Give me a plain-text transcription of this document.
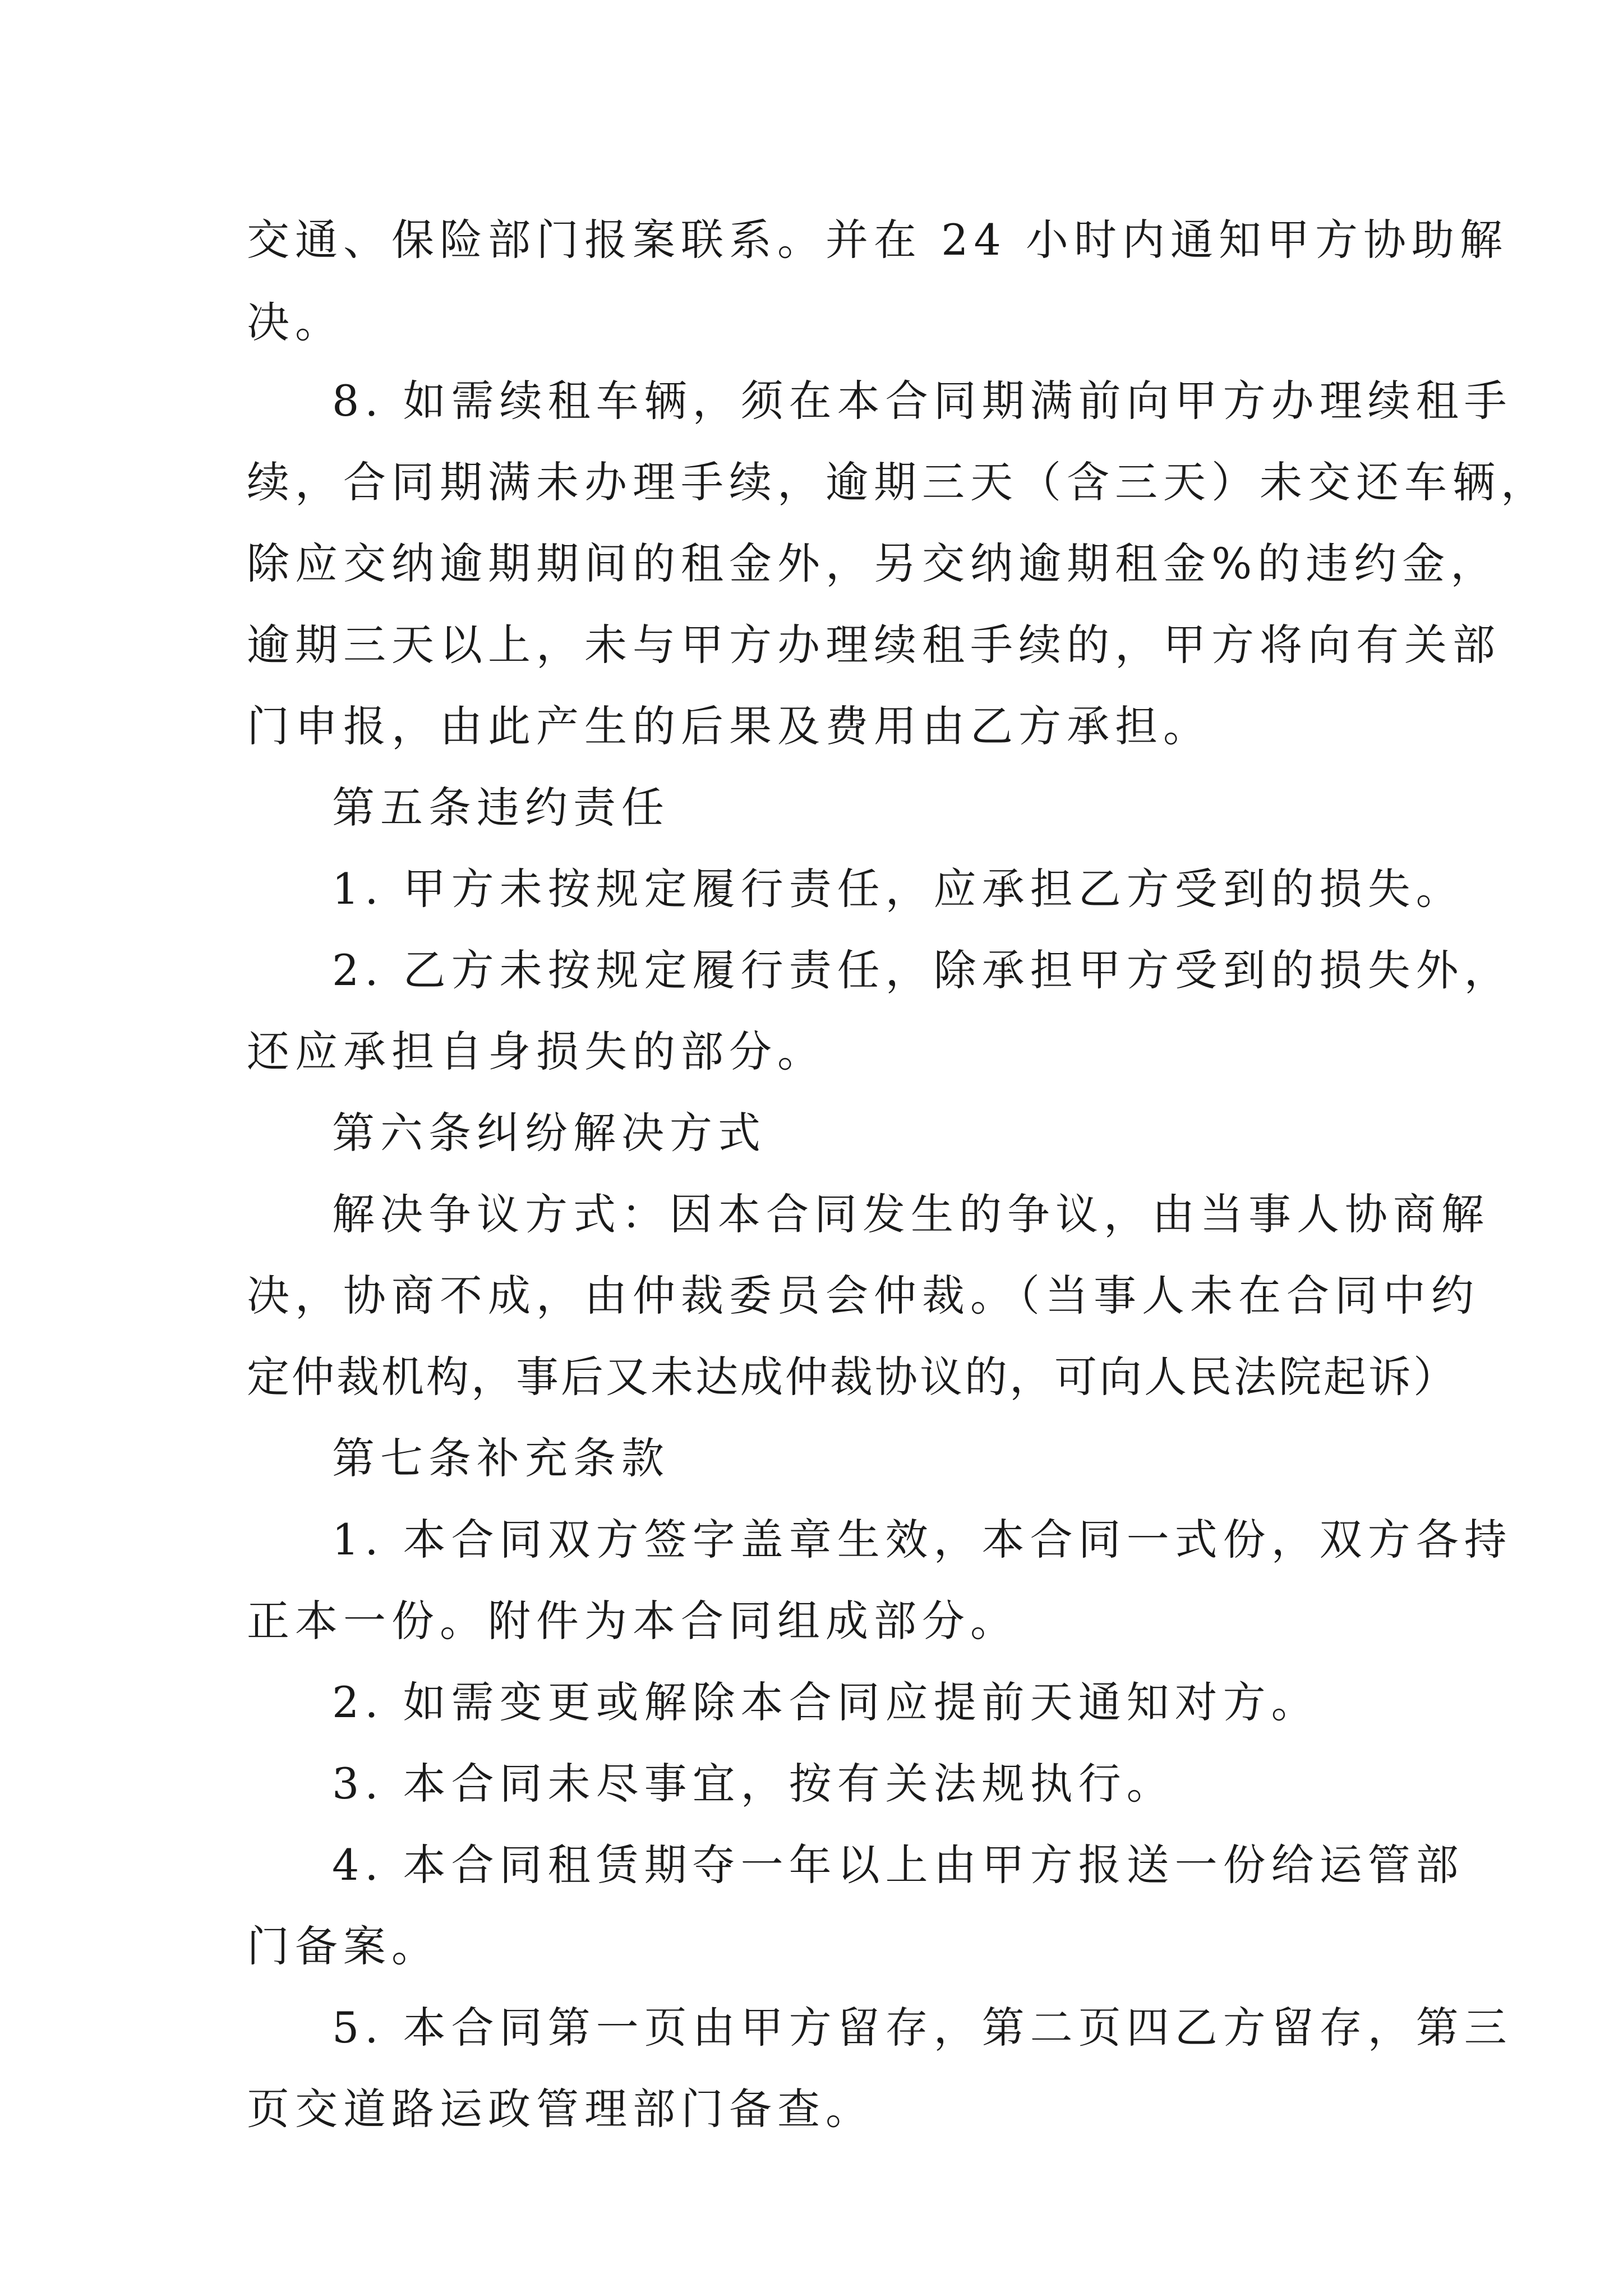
交通、保险部门报案联系。并在 24 小时内通知甲方协助解
决。
8. 如需续租车辆，须在本合同期满前向甲方办理续租手
续，合同期满未办理手续，逾期三天（含三天）未交还车辆，
除应交纳逾期期间的租金外，另交纳逾期租金%的违约金，
逾期三天以上，未与甲方办理续租手续的，甲方将向有关部
门申报，由此产生的后果及费用由乙方承担。
第五条违约责任
1. 甲方未按规定履行责任，应承担乙方受到的损失。
2. 乙方未按规定履行责任，除承担甲方受到的损失外，
还应承担自身损失的部分。
第六条纠纷解决方式
解决争议方式：因本合同发生的争议，由当事人协商解
决，协商不成，由仲裁委员会仲裁。（当事人未在合同中约
定仲裁机构，事后又未达成仲裁协议的，可向人民法院起诉）
第七条补充条款
1. 本合同双方签字盖章生效，本合同一式份，双方各持
正本一份。附件为本合同组成部分。
2. 如需变更或解除本合同应提前天通知对方。
3. 本合同未尽事宜，按有关法规执行。
4. 本合同租赁期夺一年以上由甲方报送一份给运管部
门备案。
5. 本合同第一页由甲方留存，第二页四乙方留存，第三
页交道路运政管理部门备查。
